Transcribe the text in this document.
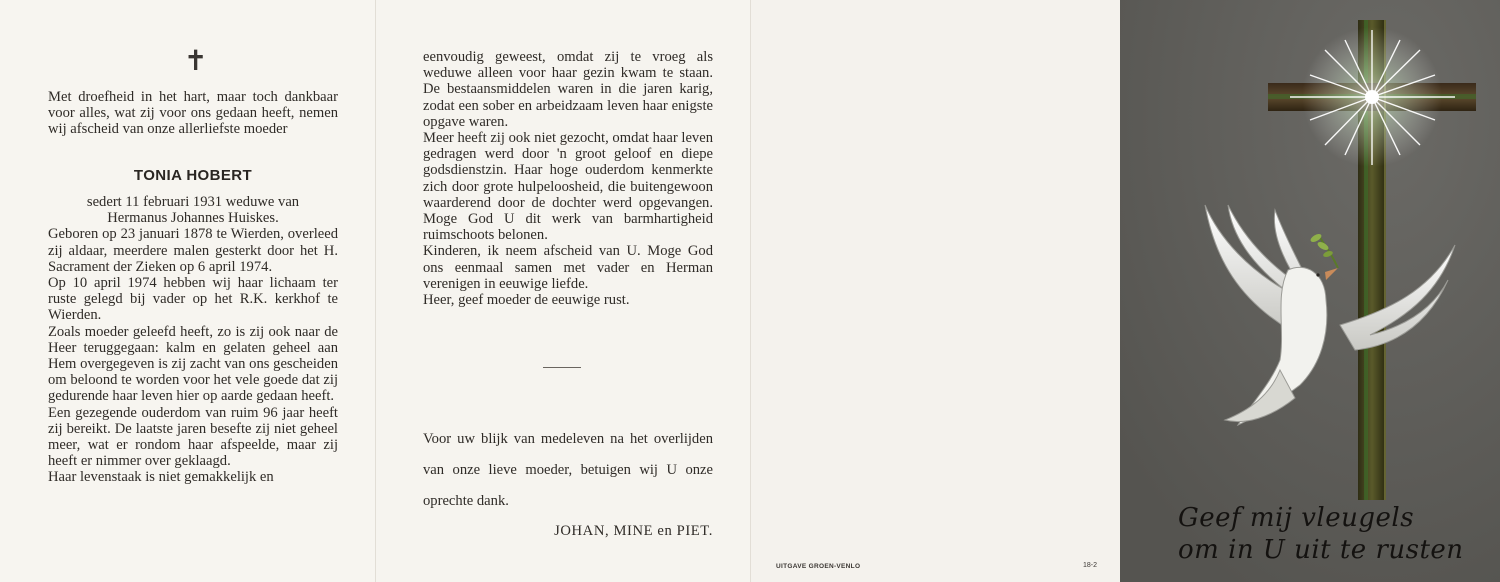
✝

Met droefheid in het hart, maar toch dankbaar voor alles, wat zij voor ons gedaan heeft, nemen wij afscheid van onze allerliefste moeder

TONIA HOBERT

sedert 11 februari 1931 weduwe van

Hermanus Johannes Huiskes.

Geboren op 23 januari 1878 te Wierden, overleed zij aldaar, meerdere malen gesterkt door het H. Sacrament der Zieken op 6 april 1974.

Op 10 april 1974 hebben wij haar lichaam ter ruste gelegd bij vader op het R.K. kerkhof te Wierden.

Zoals moeder geleefd heeft, zo is zij ook naar de Heer teruggegaan: kalm en gelaten geheel aan Hem overgegeven is zij zacht van ons gescheiden om beloond te worden voor het vele goede dat zij gedurende haar leven hier op aarde gedaan heeft.

Een gezegende ouderdom van ruim 96 jaar heeft zij bereikt. De laatste jaren besefte zij niet geheel meer, wat er rondom haar afspeelde, maar zij heeft er nimmer over geklaagd.

Haar levenstaak is niet gemakkelijk en

eenvoudig geweest, omdat zij te vroeg als weduwe alleen voor haar gezin kwam te staan. De bestaansmiddelen waren in die jaren karig, zodat een sober en arbeidzaam leven haar enigste opgave waren.

Meer heeft zij ook niet gezocht, omdat haar leven gedragen werd door 'n groot geloof en diepe godsdienstzin. Haar hoge ouderdom kenmerkte zich door grote hulpeloosheid, die buitengewoon waarderend door de dochter werd opgevangen. Moge God U dit werk van barmhartigheid ruimschoots belonen.

Kinderen, ik neem afscheid van U. Moge God ons eenmaal samen met vader en Herman verenigen in eeuwige liefde.

Heer, geef moeder de eeuwige rust.

Voor uw blijk van medeleven na het overlijden van onze lieve moeder, betuigen wij U onze oprechte dank.

JOHAN, MINE en PIET.
UITGAVE GROEN-VENLO	18-2
Geef mij vleugels
om in U uit te rusten
